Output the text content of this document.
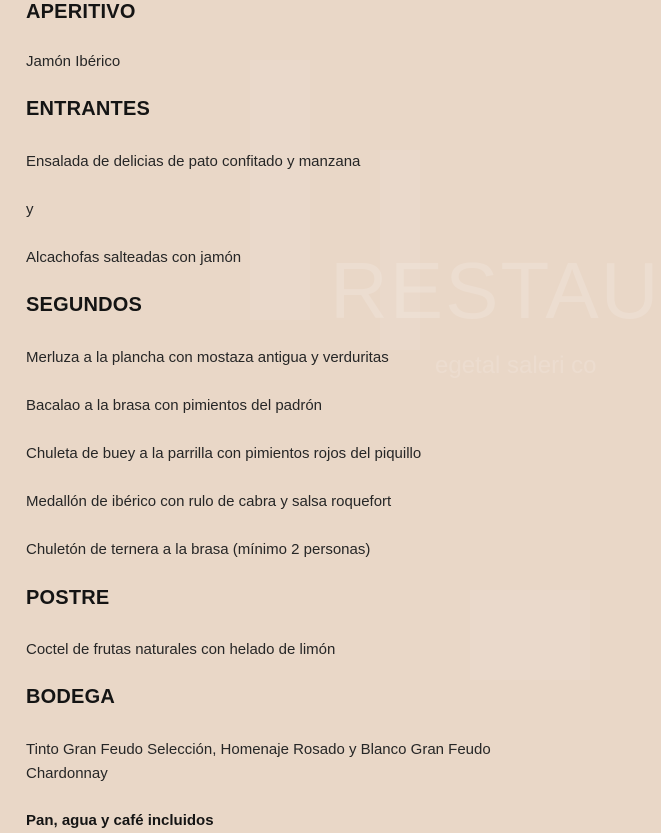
RESTAU
egetal saleri co
APERITIVO

Jamón Ibérico

ENTRANTES

Ensalada de delicias de pato confitado y manzana

y

Alcachofas salteadas con jamón

SEGUNDOS

Merluza a la plancha con mostaza antigua y verduritas

Bacalao a la brasa con pimientos del padrón

Chuleta de buey a la parrilla con pimientos rojos del piquillo

Medallón de ibérico con rulo de cabra y salsa roquefort

Chuletón de ternera a la brasa (mínimo 2 personas)

POSTRE

Coctel de frutas naturales con helado de limón

BODEGA

Tinto Gran Feudo Selección, Homenaje Rosado y Blanco Gran Feudo Chardonnay

Pan, agua y café incluidos
